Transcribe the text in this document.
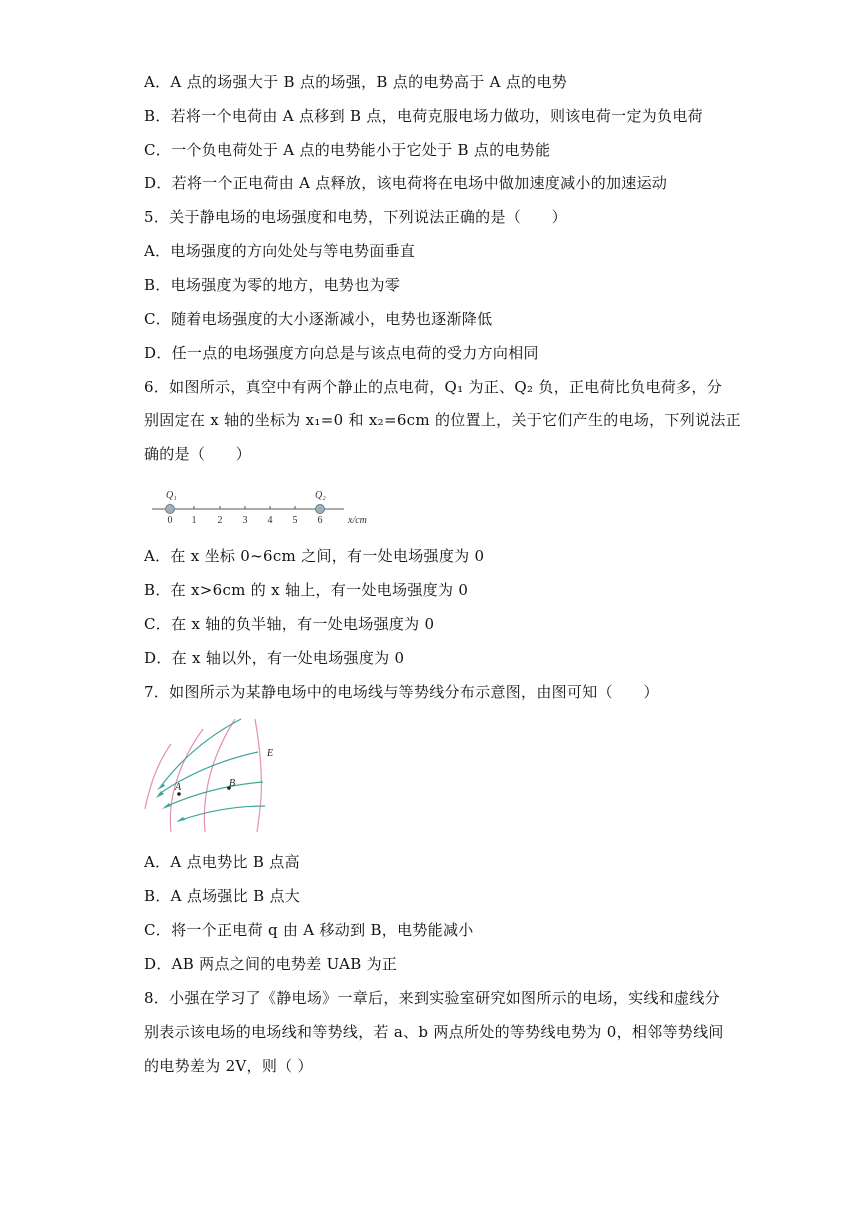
A．A 点的场强大于 B 点的场强，B 点的电势高于 A 点的电势
B．若将一个电荷由 A 点移到 B 点，电荷克服电场力做功，则该电荷一定为负电荷
C．一个负电荷处于 A 点的电势能小于它处于 B 点的电势能
D．若将一个正电荷由 A 点释放，该电荷将在电场中做加速度减小的加速运动
5．关于静电场的电场强度和电势，下列说法正确的是（　　）
A．电场强度的方向处处与等电势面垂直
B．电场强度为零的地方，电势也为零
C．随着电场强度的大小逐渐减小，电势也逐渐降低
D．任一点的电场强度方向总是与该点电荷的受力方向相同
6．如图所示，真空中有两个静止的点电荷，Q₁ 为正、Q₂ 负，正电荷比负电荷多，分
别固定在 x 轴的坐标为 x₁=0 和 x₂=6cm 的位置上，关于它们产生的电场，下列说法正
确的是（　　）
Q₁	Q₂
0 1 2 3 4 5 6	x/cm
A．在 x 坐标 0~6cm 之间，有一处电场强度为 0
B．在 x>6cm 的 x 轴上，有一处电场强度为 0
C．在 x 轴的负半轴，有一处电场强度为 0
D．在 x 轴以外，有一处电场强度为 0
7．如图所示为某静电场中的电场线与等势线分布示意图，由图可知（　　）
A	B
E
A．A 点电势比 B 点高
B．A 点场强比 B 点大
C．将一个正电荷 q 由 A 移动到 B，电势能减小
D．AB 两点之间的电势差 UAB 为正
8．小强在学习了《静电场》一章后，来到实验室研究如图所示的电场，实线和虚线分
别表示该电场的电场线和等势线，若 a、b 两点所处的等势线电势为 0，相邻等势线间
的电势差为 2V，则（ ）
